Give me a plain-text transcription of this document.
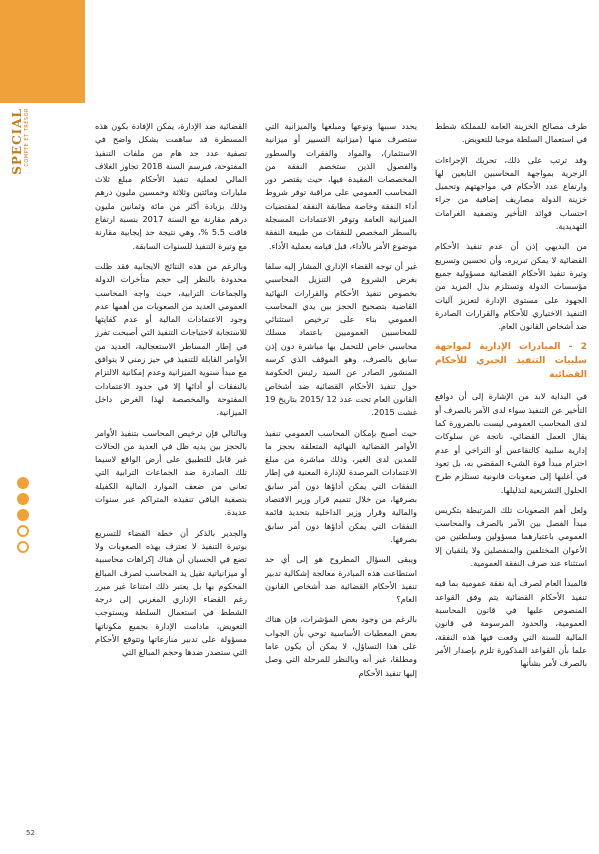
SPECIAL COMPTE ET TRÉSOR	طرف مصالح الخزينة العامة للمملكة شطط في استعمال السلطة موجبا للتعويض.

وقد ترتب على ذلك، تحريك الإجراءات الزجرية بمواجهة المحاسبين التابعين لها وارتفاع عدد الأحكام في مواجهتهم وتحميل خزينة الدولة مصاريف إضافية من جراء احتساب فوائد التأخير وتصفية الغرامات التهديدية.

من البديهي إذن أن عدم تنفيذ الأحكام القضائية لا يمكن تبريره، وأن تحسين وتسريع وتيرة تنفيذ الأحكام القضائية مسؤولية جميع مؤسسات الدولة وتستلزم بذل المزيد من الجهود على مستوى الإدارة لتعزيز آليات التنفيذ الاختياري للأحكام والقرارات الصادرة ضد أشخاص القانون العام.

2 - المبادرات الإدارية لمواجهة سلبيات التنفيذ الجبري للأحكام القضائية

في البداية لابد من الإشارة إلى أن دوافع التأخير عن التنفيذ سواء لدى الآمر بالصرف أو لدى المحاسب العمومي ليست بالضرورة كما يقال العمل القضائي، ناتجة عن سلوكات إدارية سلبية كالتقاعس أو التراخي أو عدم احترام مبدأ قوة الشيء المقضي به، بل تعود في أغلبها إلى صعوبات قانونية تستلزم طرح الحلول التشريعية لتذليلها.

ولعل أهم الصعوبات تلك المرتبطة بتكريس مبدأ الفصل بين الآمر بالصرف والمحاسب العمومي باعتبارهما مسؤولين وسلطتين من الأعوان المختلفين والمنفصلين ولا يلتقيان إلا استثناء عند صرف النفقة العمومية.

فالمبدأ العام لصرف أية نفقة عمومية بما فيه تنفيذ الأحكام القضائية يتم وفق القواعد المنصوص عليها في قانون المحاسبة العمومية، والحدود المرسومة في قانون المالية للسنة التي وقعت فيها هذه النفقة، علما بأن القواعد المذكورة تلزم بإصدار الأمر بالصرف لأمر بشأنها

يحدد سببها ونوعها ومبلغها والميزانية التي ستصرف منها (ميزانية التسيير أو ميزانية الاستثمار)، والمواد والفقرات والسطور والفصول الذين ستخصم النفقة من المخصصات المقيدة فيها، حيث يقتصر دور المحاسب العمومي على مراقبة توفر شروط أداء النفقة وخاصة مطابقة النفقة لمقتضيات الميزانية العامة وتوفر الاعتمادات المسجلة بالسطر المخصص للنفقات من طبيعة النفقة موضوع الأمر بالأداء، قبل قيامه بعملية الأداء.

غير أن توجه القضاء الإداري المشار إليه سلفا بغرض الشروع في التنزيل المحاسبي بخصوص تنفيذ الأحكام والقرارات النهائية القاضية بتصحيح الحجز بين يدي المحاسب العمومي بناء على ترخيص استثنائي للمحاسبين العموميين باعتماد مسلك محاسبي خاص للتحمل بها مباشرة دون إذن سابق بالصرف، وهو الموقف الذي كرسه المنشور الصادر عن السيد رئيس الحكومة حول تنفيذ الأحكام القضائية ضد أشخاص القانون العام تحت عدد 12 /2015 بتاريخ 19 غشت 2015.

حيث أصبح بإمكان المحاسب العمومي تنفيذ الأوامر القضائية النهائية المتعلقة بحجز ما للمدين لدى الغير، وذلك مباشرة من مبلغ الاعتمادات المرصدة للإدارة المعنية في إطار النفقات التي يمكن أداؤها دون أمر سابق بصرفها، من خلال تتميم قرار وزير الاقتصاد والمالية وقرار وزير الداخلية بتحديد قائمة النفقات التي يمكن أداؤها دون أمر سابق بصرفها.

ويبقى السؤال المطروح هو إلى أي حد استطاعت هذه المبادرة معالجة إشكالية تدبير تنفيذ الأحكام القضائية ضد أشخاص القانون العام؟

بالرغم من وجود بعض المؤشرات، فإن هناك بعض المعطيات الأساسية توحي بأن الجواب على هذا التساؤل، لا يمكن أن يكون عاما ومطلقا، غير أنه وبالنظر للمرحلة التي وصل إليها تنفيذ الأحكام

القضائية ضد الإدارة، يمكن الإفادة بكون هذه المسطرة قد ساهمت بشكل واضح في تصفية عدد جد هام من ملفات التنفيذ المفتوحة، فبرسم السنة 2018 تجاوز الغلاف المالي لعملية تنفيذ الأحكام مبلغ ثلاث مليارات ومائتين وثلاثة وخمسين مليون درهم وذلك بزيادة أكثر من مائة وثمانين مليون درهم مقارنة مع السنة 2017 بنسبة ارتفاع فاقت 5.5 %، وهي نتيجة جد إيجابية مقارنة مع وتيرة التنفيذ للسنوات السابقة.

وبالرغم من هذه النتائج الايجابية فقد ظلت محدودة بالنظر إلى حجم متأخرات الدولة والجماعات الترابية، حيث واجه المحاسب العمومي العديد من الصعوبات من أهمها عدم وجود الاعتمادات المالية أو عدم كفايتها للاستجابة لاحتياجات التنفيذ التي أصبحت تفرز في إطار المساطر الاستعجالية، العديد من الأوامر القابلة للتنفيذ في حيز زمني لا يتوافق مع مبدأ سنوية الميزانية وعدم إمكانية الالتزام بالنفقات أو أدائها إلا في حدود الاعتمادات المفتوحة والمخصصة لهذا الغرض داخل الميزانية.

وبالتالي فإن ترخيص المحاسب بتنفيذ الأوامر بالحجز بين يديه ظل في العديد من الحالات غير قابل للتطبيق على أرض الواقع لاسيما تلك الصادرة ضد الجماعات الترابية التي تعاني من ضعف الموارد المالية الكفيلة بتصفية الباقي تنفيذه المتراكم عبر سنوات عديدة.

والجدير بالذكر أن خطة القضاء للتسريع بوتيرة التنفيذ لا تعترف بهذه الصعوبات ولا تضع في الحسبان أن هناك إكراهات محاسبية أو ميزانياتية تقيل يد المحاسب لصرف المبالغ المحكوم بها بل يعتبر ذلك امتناعا غير مبرر رغم القضاء الإداري المغربي إلى درجة الشطط في استعمال السلطة ويستوجب التعويض، مادامت الإدارة بجميع مكوناتها مسؤولة على تدبير منازعاتها وتتوقع الأحكام التي ستصدر ضدها وحجم المبالغ التي

52
